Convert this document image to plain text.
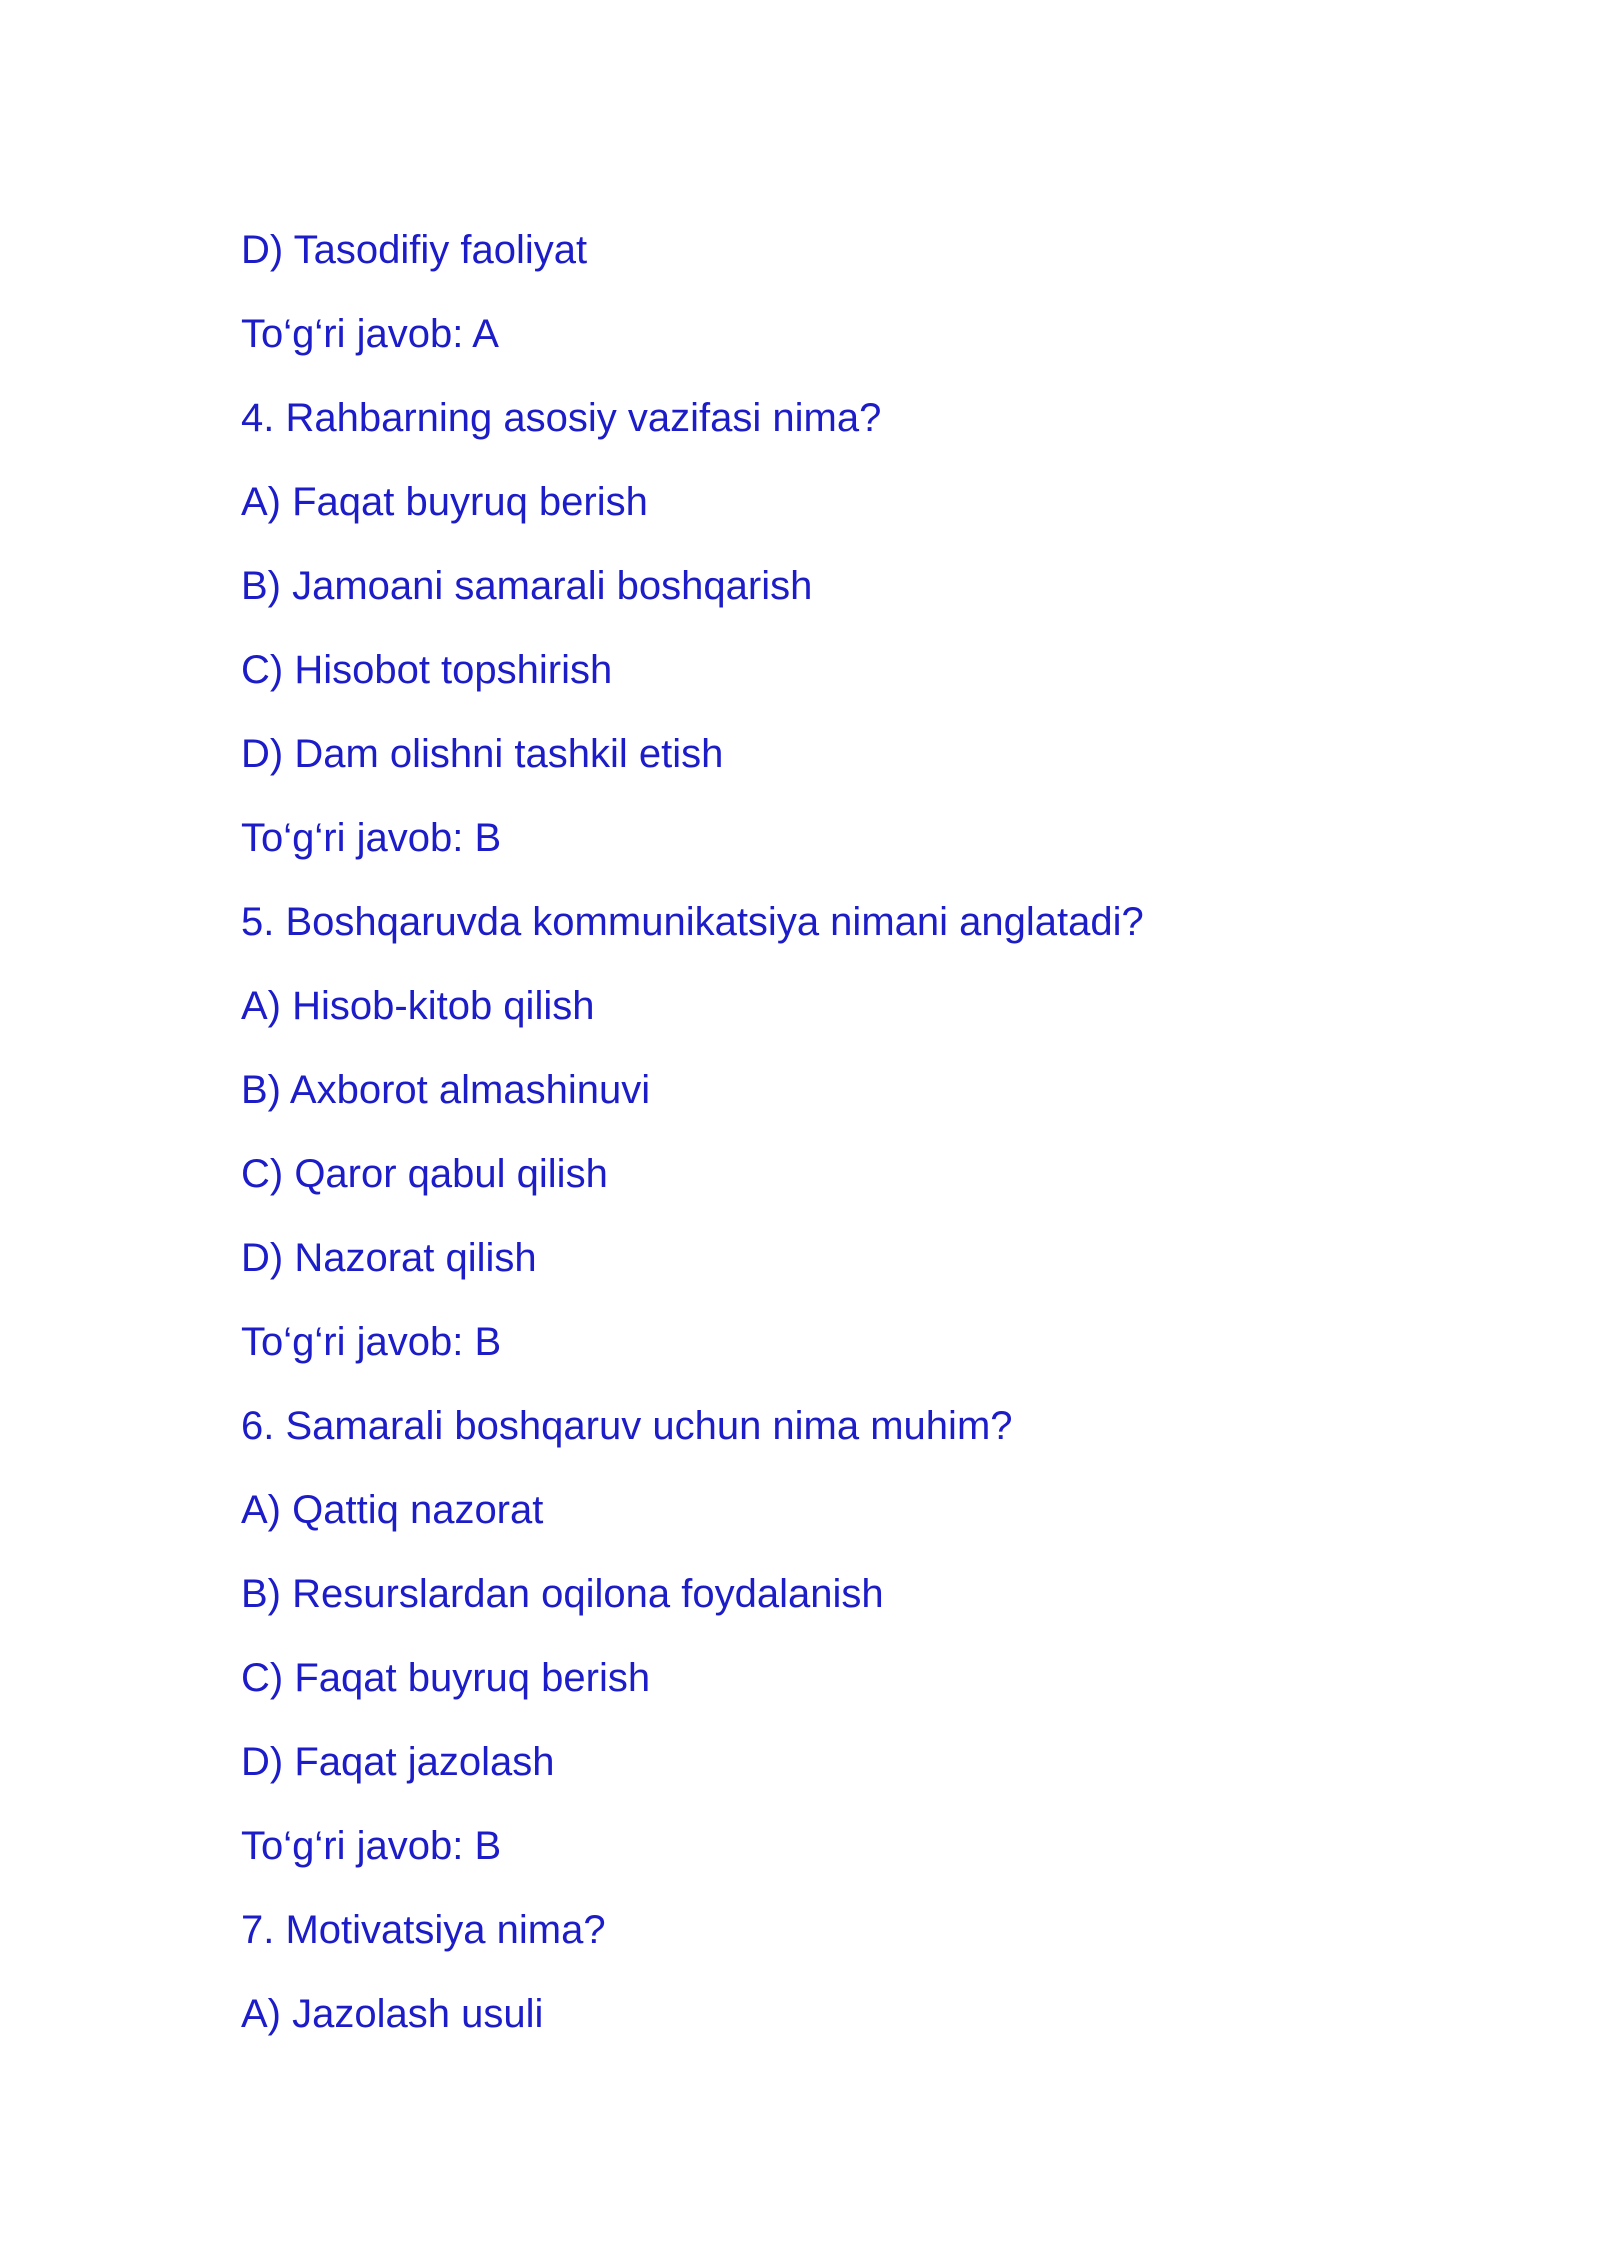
D) Tasodifiy faoliyat
To‘g‘ri javob: A
4. Rahbarning asosiy vazifasi nima?
A) Faqat buyruq berish
B) Jamoani samarali boshqarish
C) Hisobot topshirish
D) Dam olishni tashkil etish
To‘g‘ri javob: B
5. Boshqaruvda kommunikatsiya nimani anglatadi?
A) Hisob-kitob qilish
B) Axborot almashinuvi
C) Qaror qabul qilish
D) Nazorat qilish
To‘g‘ri javob: B
6. Samarali boshqaruv uchun nima muhim?
A) Qattiq nazorat
B) Resurslardan oqilona foydalanish
C) Faqat buyruq berish
D) Faqat jazolash
To‘g‘ri javob: B
7. Motivatsiya nima?
A) Jazolash usuli
